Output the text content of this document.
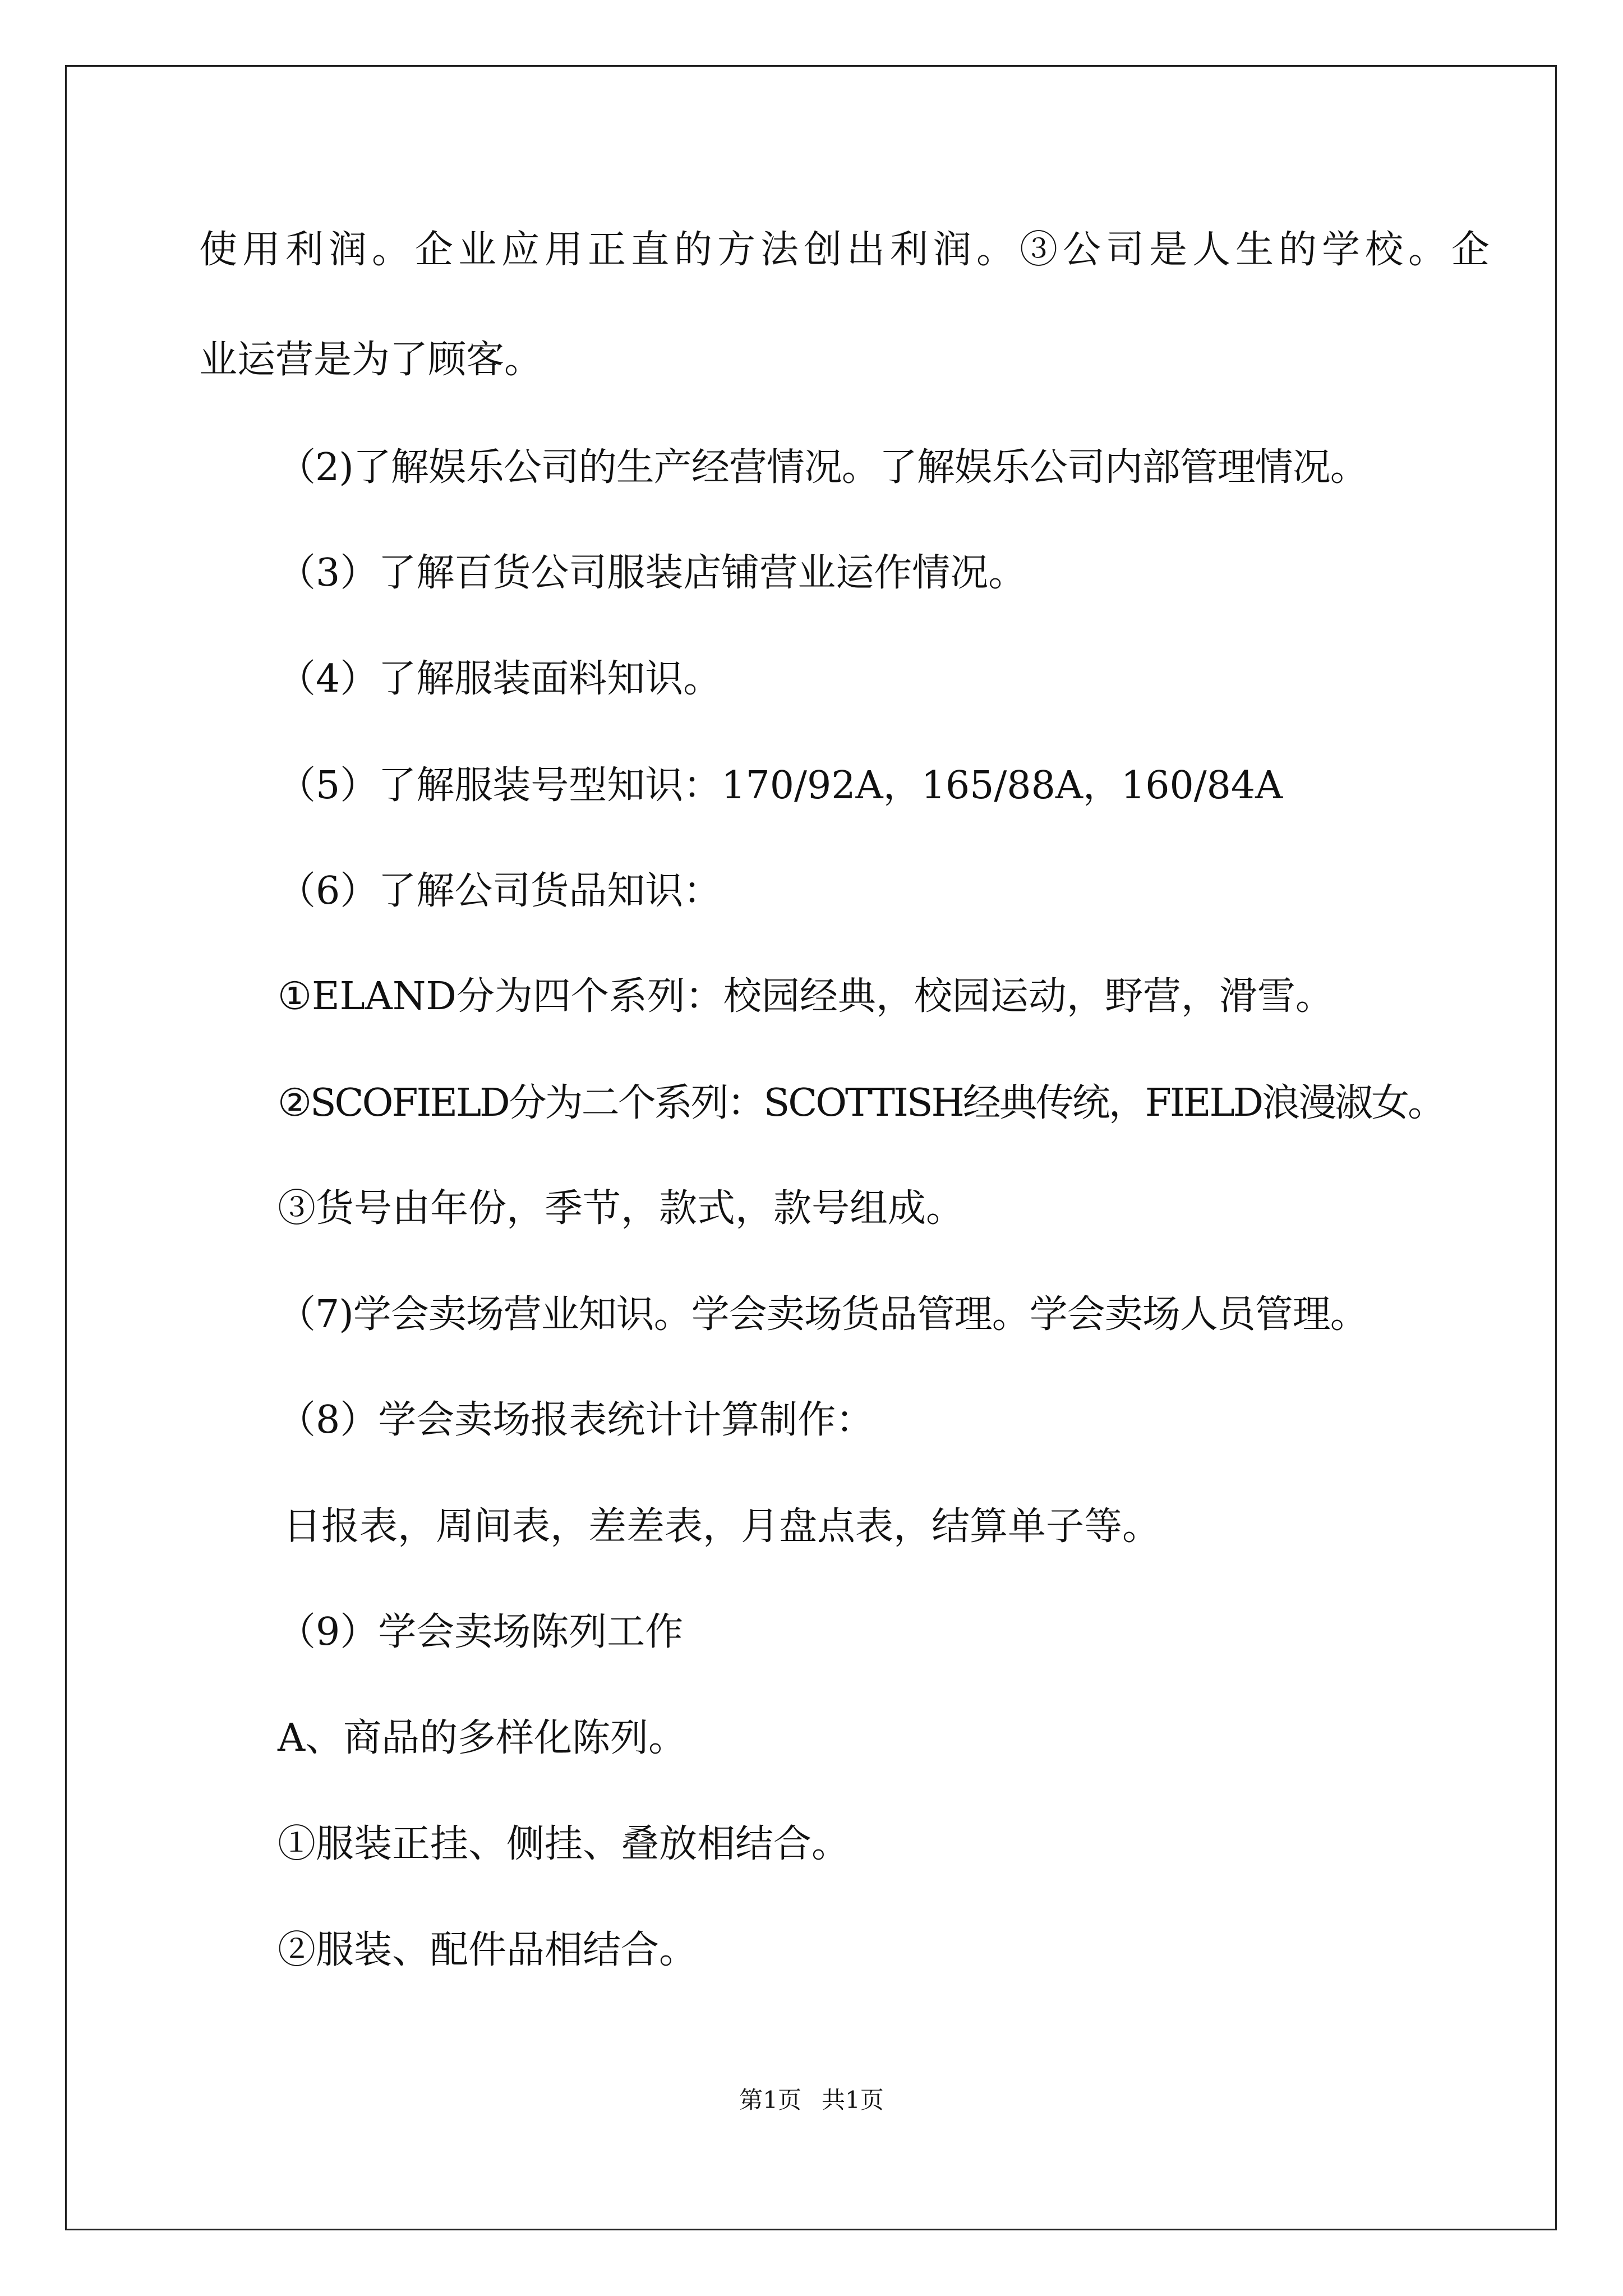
使用利润。企业应用正直的方法创出利润。③公司是人生的学校。企
业运营是为了顾客。
（2)了解娱乐公司的生产经营情况。了解娱乐公司内部管理情况。
（3）了解百货公司服装店铺营业运作情况。
（4）了解服装面料知识。
（5）了解服装号型知识：170/92A，165/88A，160/84A
（6）了解公司货品知识：
①ELAND分为四个系列：校园经典，校园运动，野营，滑雪。
②SCOFIELD分为二个系列：SCOTTISH经典传统，FIELD浪漫淑女。
③货号由年份，季节，款式，款号组成。
（7)学会卖场营业知识。学会卖场货品管理。学会卖场人员管理。
（8）学会卖场报表统计计算制作：
日报表，周间表，差差表，月盘点表，结算单子等。
（9）学会卖场陈列工作
A、商品的多样化陈列。
①服装正挂、侧挂、叠放相结合。
②服装、配件品相结合。
第1页 共1页
